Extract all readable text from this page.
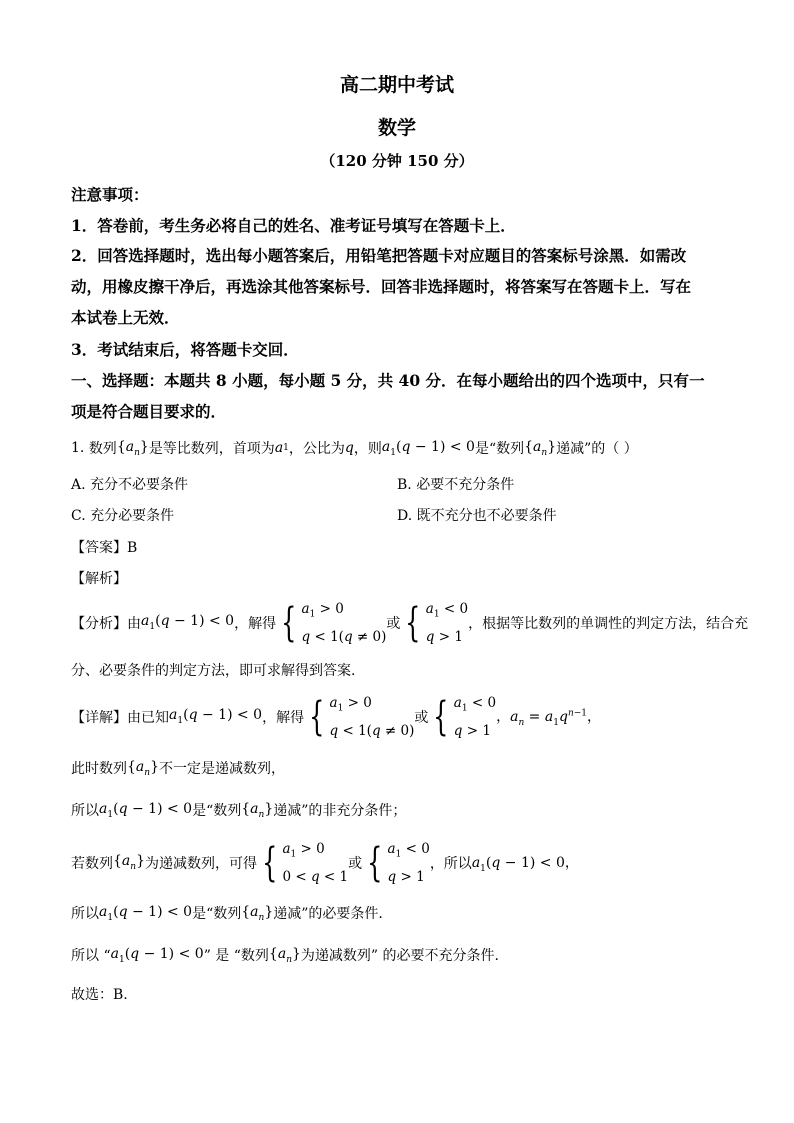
高二期中考试
数学
（120 分钟 150 分）
注意事项：
1．答卷前，考生务必将自己的姓名、准考证号填写在答题卡上．
2．回答选择题时，选出每小题答案后，用铅笔把答题卡对应题目的答案标号涂黑．如需改
动，用橡皮擦干净后，再选涂其他答案标号．回答非选择题时，将答案写在答题卡上．写在
本试卷上无效．
3．考试结束后，将答题卡交回．
一、选择题：本题共 8 小题，每小题 5 分，共 40 分．在每小题给出的四个选项中，只有一
项是符合题目要求的．
1.
数列 $\{a_n\}$ 是等比数列，首项为 a 1 ，公比为 q ，则 $a_1(q - 1) < 0$ 是“数列 $\{a_n\}$ 递减”的（ ）
A. 充分不必要条件	B. 必要不充分条件
C. 充分必要条件	D. 既不充分也不必要条件
【答案】B
【解析】
【分析】 由 $a_1(q - 1) < 0$ ，解得 { $a_1 > 0$
q < 1(q ≠ 0)
或 { $a_1 < 0$
q > 1
，根据等比数列的单调性的判定方法，结合充
分、必要条件的判定方法，即可求解得到答案.
【详解】 由已知 $a_1(q - 1) < 0$ ，解得 { $a_1 > 0$
q < 1(q ≠ 0)
或 { $a_1 < 0$
q > 1
，$a_n = a_1q^{n-1}$，
此时数列 $\{a_n\}$ 不一定是递减数列，
所以 $a_1(q - 1) < 0$ 是“数列 $\{a_n\}$ 递减”的非充分条件；
若数列 $\{a_n\}$ 为递减数列，可得 { $a_1 > 0$
0 < q < 1
或 { $a_1 < 0$
q > 1
，所以 $a_1(q - 1) < 0$，
所以 $a_1(q - 1) < 0$ 是“数列 $\{a_n\}$ 递减”的必要条件.
所以 “ $a_1(q - 1) < 0$ ” 是 “数列 $\{a_n\}$ 为递减数列” 的必要不充分条件.
故选：B.
